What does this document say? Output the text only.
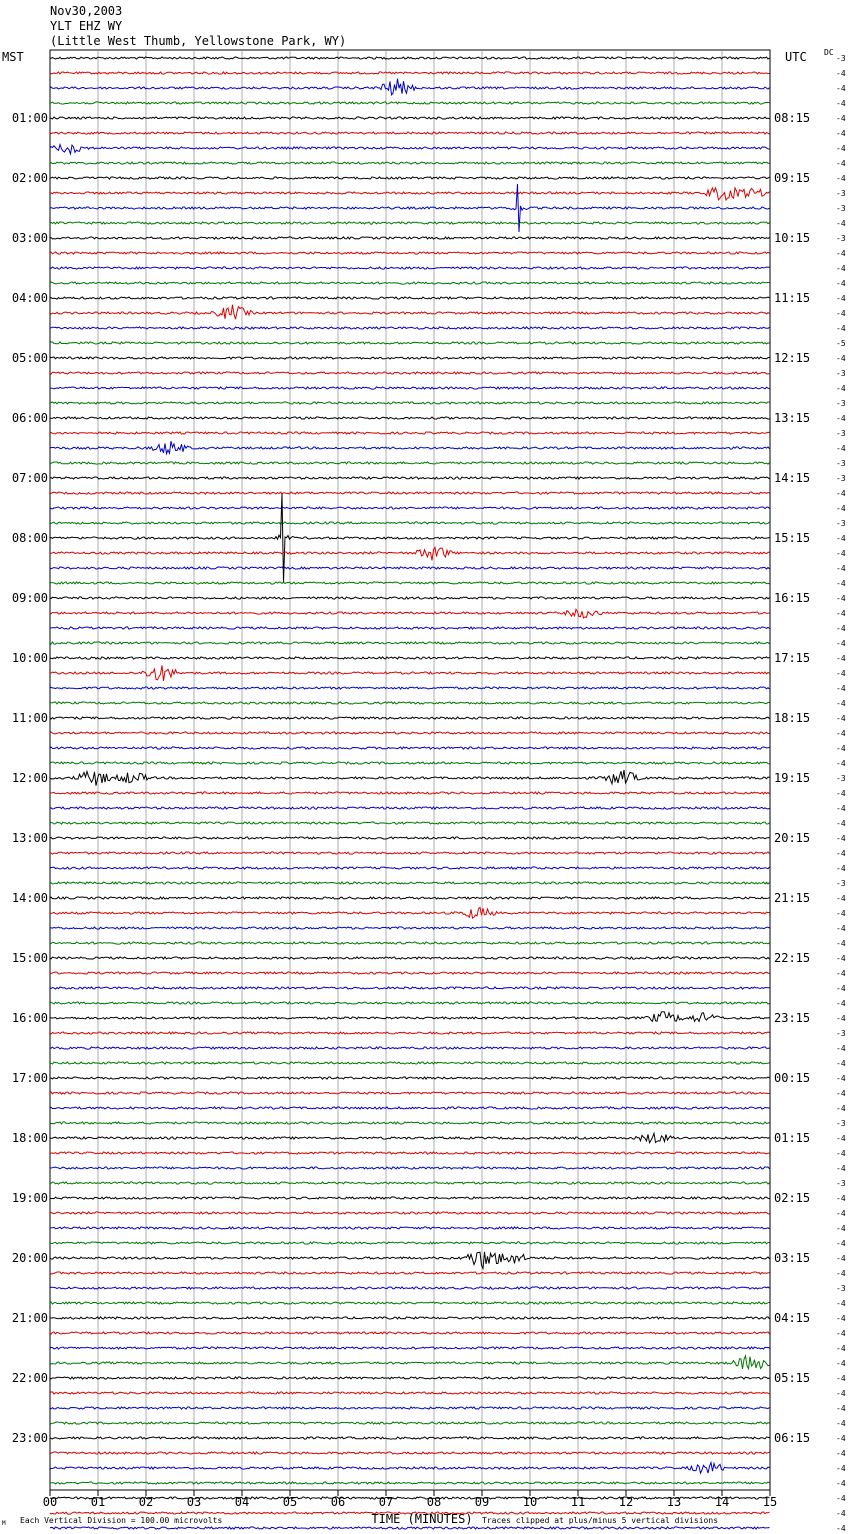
Nov30,2003
YLT EHZ WY
(Little West Thumb, Yellowstone Park, WY)
MST	UTC DC
01:00
02:00
03:00
04:00
05:00
06:00
07:00
08:00
09:00
10:00
11:00
12:00
13:00
14:00
15:00
16:00
17:00
18:00
19:00
20:00
21:00
22:00
23:00
08:15
09:15
10:15
11:15
12:15
13:15
14:15
15:15
16:15
17:15
18:15
19:15
20:15
21:15
22:15
23:15
00:15
01:15
02:15
03:15
04:15
05:15
06:15
-3
-4
-4
-4
-4
-4
-4
-4
-4
-3
-3
-4
-3
-4
-4
-4
-4
-4
-4
-5
-4
-3
-4
-3
-4
-3
-4
-3
-3
-4
-4
-3
-4
-4
-4
-4
-4
-4
-4
-4
-4
-4
-4
-4
-4
-4
-4
-4
-3
-4
-4
-4
-4
-4
-4
-3
-4
-4
-4
-4
-4
-4
-4
-4
-4
-3
-4
-4
-4
-4
-4
-3
-4
-4
-4
-3
-4
-4
-4
-4
-4
-4
-3
-4
-4
-4
-4
-4
-4
-4
-4
-4
-4
-4
-4
-4
-4
-4
-4
00	01	02	03	04	05	06	07	08	09	10	11	12	13	14	15
TIME (MINUTES)
Each Vertical Division = 100.00 microvolts	Traces clipped at plus/minus 5 vertical divisions
M
